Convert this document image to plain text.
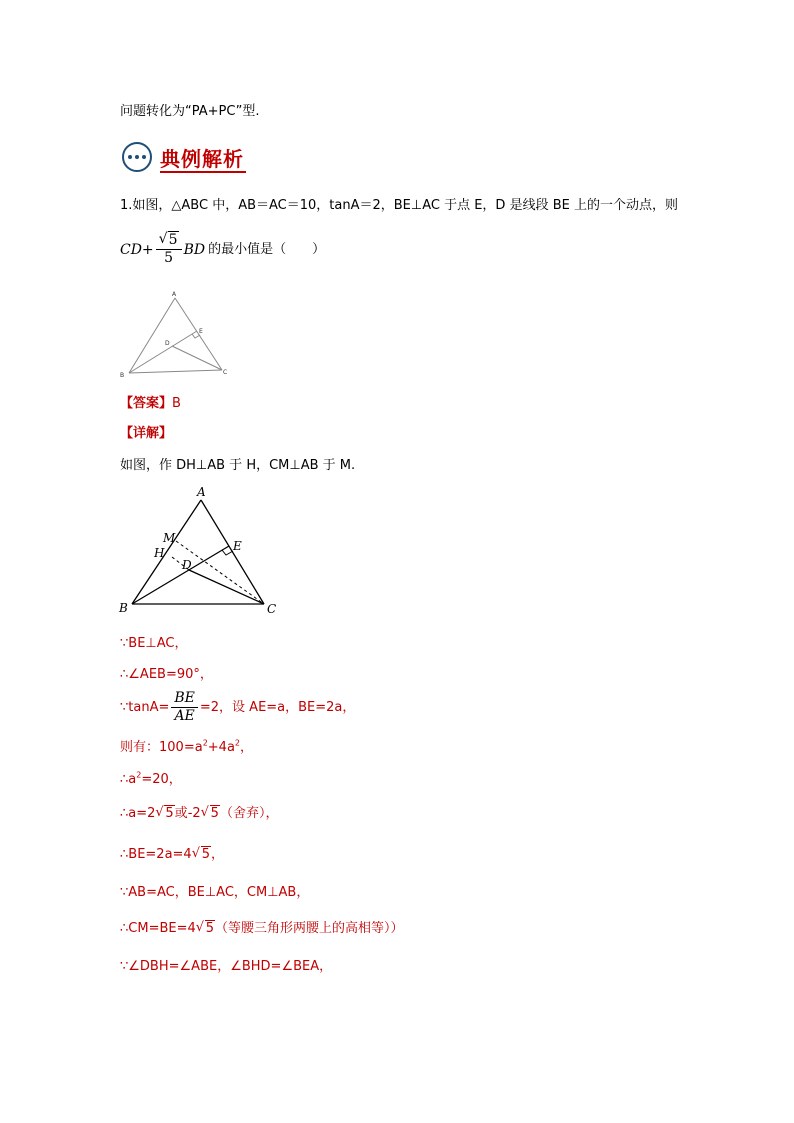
问题转化为“PA+PC”型.
典例解析
1.如图，△ABC 中，AB＝AC＝10，tanA＝2，BE⊥AC 于点 E，D 是线段 BE 上的一个动点，则
CD+ √ $\frac{5}{5}$ BD 的最小值是（　　）
A
B	C
D
E
【答案】B
【详解】
如图，作 DH⊥AB 于 H，CM⊥AB 于 M.
A
B	C
D
E
H
M
∵BE⊥AC，
∴∠AEB=90°，
∵tanA= $\frac{BE}{AE} =2$，设 AE=a，BE=2a，
则有：$100=a^2+4a^2$，
$\therefore a^2=20$，
∴a=2 √ 5或-2 √ 5（舍弃），
∴BE=2a=4 √ 5，
∵AB=AC，BE⊥AC，CM⊥AB，
∴CM=BE=4 √ 5（等腰三角形两腰上的高相等））
∵∠DBH=∠ABE，∠BHD=∠BEA，
